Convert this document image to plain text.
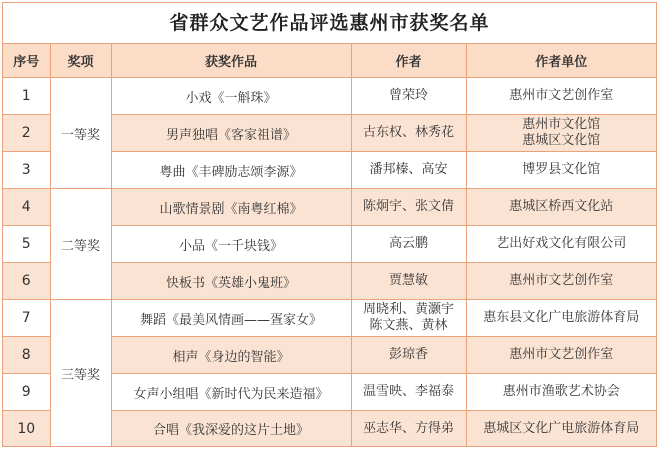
省群众文艺作品评选惠州市获奖名单
序号	奖项	获奖作品	作者	作者单位
1	一等奖	小戏《一斛珠》	曾荣玲	惠州市文艺创作室

2		男声独唱《客家祖谱》	古东权、林秀花	惠州市文化馆
惠城区文化馆

3		粤曲《丰碑励志颂李源》	潘邦榛、高安	博罗县文化馆

4	二等奖	山歌情景剧《南粤红棉》	陈炯宇、张文倩	惠城区桥西文化站

5		小品《一千块钱》	高云鹏	艺出好戏文化有限公司

6		快板书《英雄小鬼班》	贾慧敏	惠州市文艺创作室

7	三等奖	舞蹈《最美风情画——疍家女》	周晓利、黄灏宇
陈文燕、黄林	惠东县文化广电旅游体育局

8		相声《身边的智能》	彭琼香	惠州市文艺创作室

9		女声小组唱《新时代为民来造福》	温雪映、李福泰	惠州市渔歌艺术协会

10		合唱《我深爱的这片土地》	巫志华、方得弟	惠城区文化广电旅游体育局
